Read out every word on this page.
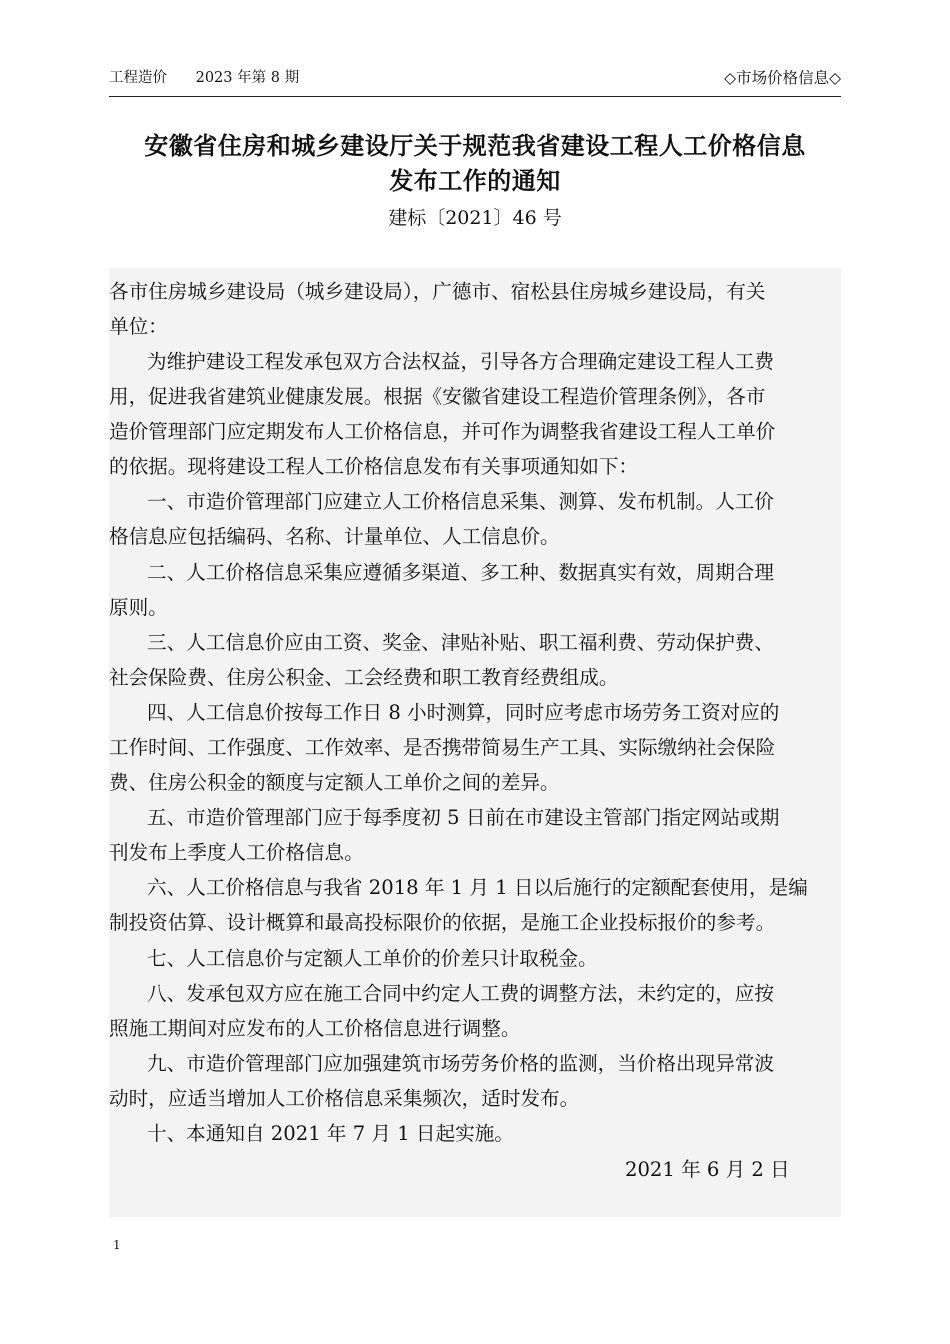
工程造价 2023 年第 8 期	◇市场价格信息◇
安徽省住房和城乡建设厅关于规范我省建设工程人工价格信息
发布工作的通知
建标〔2021〕46 号
各市住房城乡建设局（城乡建设局），广德市、宿松县住房城乡建设局，有关
单位：
为维护建设工程发承包双方合法权益，引导各方合理确定建设工程人工费
用，促进我省建筑业健康发展。根据《安徽省建设工程造价管理条例》，各市
造价管理部门应定期发布人工价格信息，并可作为调整我省建设工程人工单价
的依据。现将建设工程人工价格信息发布有关事项通知如下：
一、市造价管理部门应建立人工价格信息采集、测算、发布机制。人工价
格信息应包括编码、名称、计量单位、人工信息价。
二、人工价格信息采集应遵循多渠道、多工种、数据真实有效，周期合理
原则。
三、人工信息价应由工资、奖金、津贴补贴、职工福利费、劳动保护费、
社会保险费、住房公积金、工会经费和职工教育经费组成。
四、人工信息价按每工作日 8 小时测算，同时应考虑市场劳务工资对应的
工作时间、工作强度、工作效率、是否携带简易生产工具、实际缴纳社会保险
费、住房公积金的额度与定额人工单价之间的差异。
五、市造价管理部门应于每季度初 5 日前在市建设主管部门指定网站或期
刊发布上季度人工价格信息。
六、人工价格信息与我省 2018 年 1 月 1 日以后施行的定额配套使用，是编
制投资估算、设计概算和最高投标限价的依据，是施工企业投标报价的参考。
七、人工信息价与定额人工单价的价差只计取税金。
八、发承包双方应在施工合同中约定人工费的调整方法，未约定的，应按
照施工期间对应发布的人工价格信息进行调整。
九、市造价管理部门应加强建筑市场劳务价格的监测，当价格出现异常波
动时，应适当增加人工价格信息采集频次，适时发布。
十、本通知自 2021 年 7 月 1 日起实施。
2021 年 6 月 2 日
1
